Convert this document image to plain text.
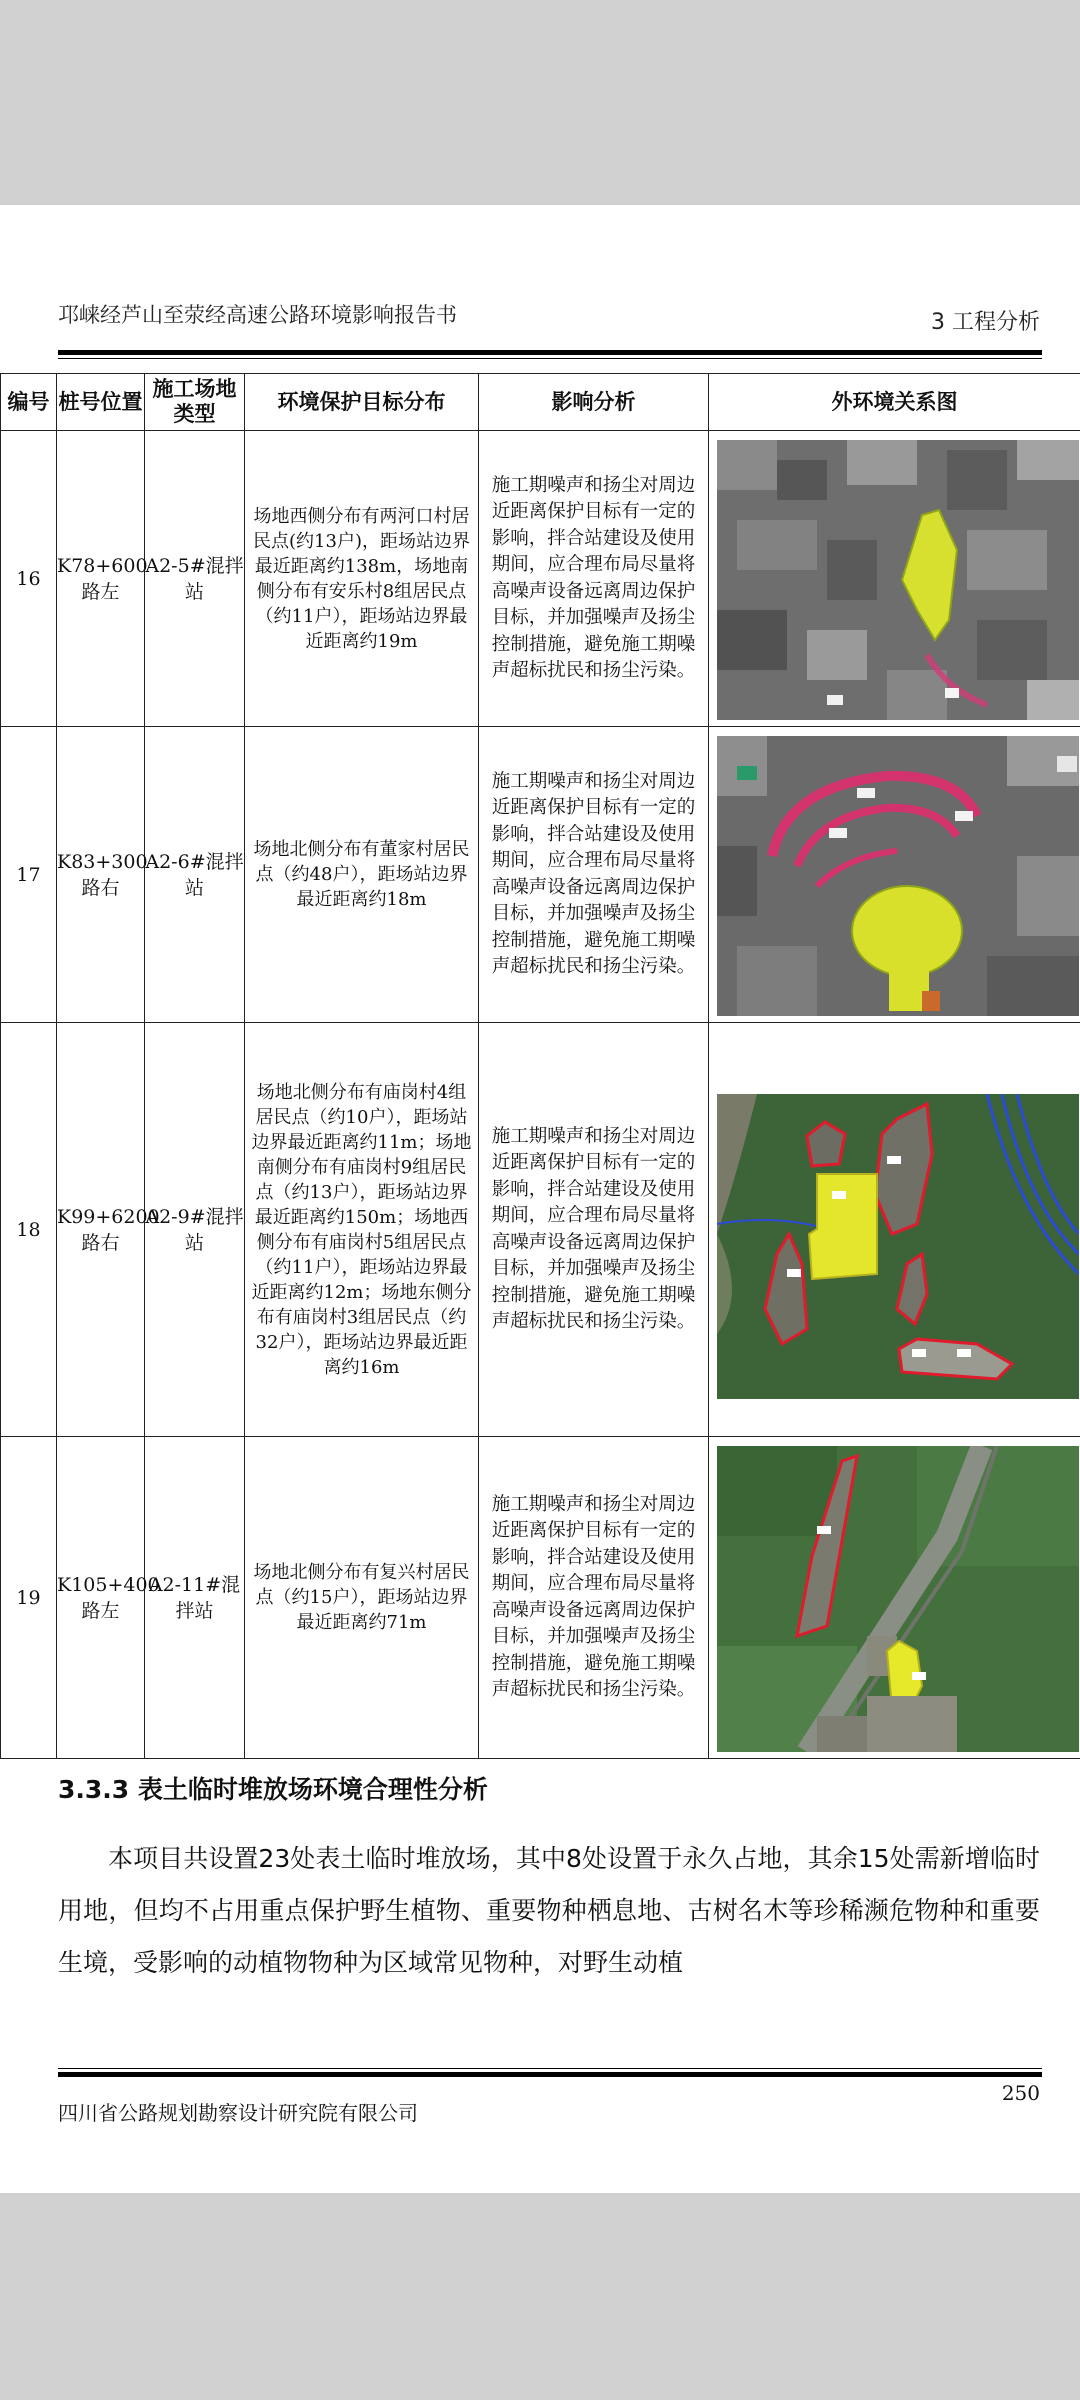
邛崃经芦山至荥经高速公路环境影响报告书	3 工程分析
编号	桩号位置	施工场地类型	环境保护目标分布	影响分析	外环境关系图
16	K78+600路左	A2-5#混拌站	场地西侧分布有两河口村居民点(约13户)，距场站边界最近距离约138m，场地南侧分布有安乐村8组居民点（约11户），距场站边界最近距离约19m	施工期噪声和扬尘对周边近距离保护目标有一定的影响，拌合站建设及使用期间，应合理布局尽量将高噪声设备远离周边保护目标，并加强噪声及扬尘控制措施，避免施工期噪声超标扰民和扬尘污染。	

17	K83+300路右	A2-6#混拌站	场地北侧分布有董家村居民点（约48户），距场站边界最近距离约18m	施工期噪声和扬尘对周边近距离保护目标有一定的影响，拌合站建设及使用期间，应合理布局尽量将高噪声设备远离周边保护目标，并加强噪声及扬尘控制措施，避免施工期噪声超标扰民和扬尘污染。	

18	K99+6200路右	A2-9#混拌站	场地北侧分布有庙岗村4组居民点（约10户），距场站边界最近距离约11m；场地南侧分布有庙岗村9组居民点（约13户），距场站边界最近距离约150m；场地西侧分布有庙岗村5组居民点（约11户），距场站边界最近距离约12m；场地东侧分布有庙岗村3组居民点（约32户），距场站边界最近距离约16m	施工期噪声和扬尘对周边近距离保护目标有一定的影响，拌合站建设及使用期间，应合理布局尽量将高噪声设备远离周边保护目标，并加强噪声及扬尘控制措施，避免施工期噪声超标扰民和扬尘污染。	

19	K105+400路左	A2-11#混拌站	场地北侧分布有复兴村居民点（约15户），距场站边界最近距离约71m	施工期噪声和扬尘对周边近距离保护目标有一定的影响，拌合站建设及使用期间，应合理布局尽量将高噪声设备远离周边保护目标，并加强噪声及扬尘控制措施，避免施工期噪声超标扰民和扬尘污染。	
3.3.3 表土临时堆放场环境合理性分析
本项目共设置23处表土临时堆放场，其中8处设置于永久占地，其余15处需新增临时用地，但均不占用重点保护野生植物、重要物种栖息地、古树名木等珍稀濒危物种和重要生境，受影响的动植物物种为区域常见物种，对野生动植
250
四川省公路规划勘察设计研究院有限公司
